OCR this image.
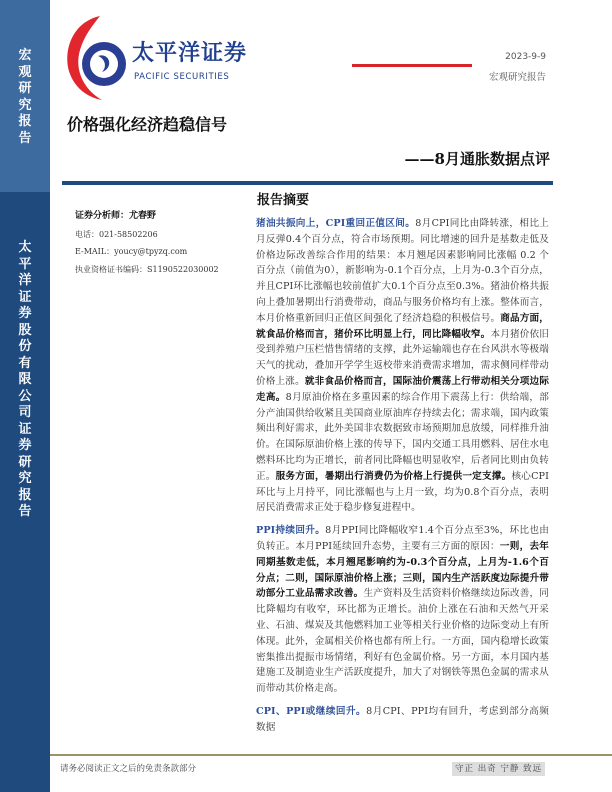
宏观研究报告
太平洋证券股份有限公司证券研究报告
太平洋证券
PACIFIC SECURITIES
2023-9-9
宏观研究报告
价格强化经济趋稳信号
——8月通胀数据点评
证券分析师：尤春野
电话：021-58502206
E-MAIL：youcy@tpyzq.com
执业资格证书编码：S1190522030002
报告摘要

猪油共振向上，CPI重回正值区间。8月CPI同比由降转涨，相比上月反弹0.4个百分点，符合市场预期。同比增速的回升是基数走低及价格边际改善综合作用的结果：本月翘尾因素影响同比涨幅 0.2 个百分点（前值为0），新影响为-0.1个百分点，上月为-0.3个百分点，并且CPI环比涨幅也较前值扩大0.1个百分点至0.3%。猪油价格共振向上叠加暑期出行消费带动，商品与服务价格均有上涨。整体而言，本月价格重新回归正值区间强化了经济趋稳的积极信号。商品方面，就食品价格而言，猪价环比明显上行，同比降幅收窄。本月猪价依旧受到养殖户压栏惜售情绪的支撑，此外运输端也存在台风洪水等极端天气的扰动，叠加开学学生返校带来消费需求增加，需求侧同样带动价格上涨。就非食品价格而言，国际油价震荡上行带动相关分项边际走高。8月原油价格在多重因素的综合作用下震荡上行：供给端，部分产油国供给收紧且美国商业原油库存持续去化；需求端，国内政策频出利好需求，此外美国非农数据致市场预期加息放缓，同样推升油价。在国际原油价格上涨的传导下，国内交通工具用燃料、居住水电燃料环比均为正增长，前者同比降幅也明显收窄，后者同比则由负转正。服务方面，暑期出行消费仍为价格上行提供一定支撑。核心CPI环比与上月持平，同比涨幅也与上月一致，均为0.8个百分点，表明居民消费需求正处于稳步修复进程中。

PPI持续回升。8月PPI同比降幅收窄1.4个百分点至3%，环比也由负转正。本月PPI延续回升态势，主要有三方面的原因：一则，去年同期基数走低，本月翘尾影响约为-0.3个百分点，上月为-1.6个百分点；二则，国际原油价格上涨；三则，国内生产活跃度边际提升带动部分工业品需求改善。生产资料及生活资料价格继续边际改善，同比降幅均有收窄，环比都为正增长。油价上涨在石油和天然气开采业、石油、煤炭及其他燃料加工业等相关行业价格的边际变动上有所体现。此外，金属相关价格也都有所上行。一方面，国内稳增长政策密集推出提振市场情绪，利好有色金属价格。另一方面，本月国内基建施工及制造业生产活跃度提升，加大了对钢铁等黑色金属的需求从而带动其价格走高。

CPI、PPI或继续回升。8月CPI、PPI均有回升，考虑到部分高频数据

请务必阅读正文之后的免责条款部分	守正 出奇 宁静 致远
